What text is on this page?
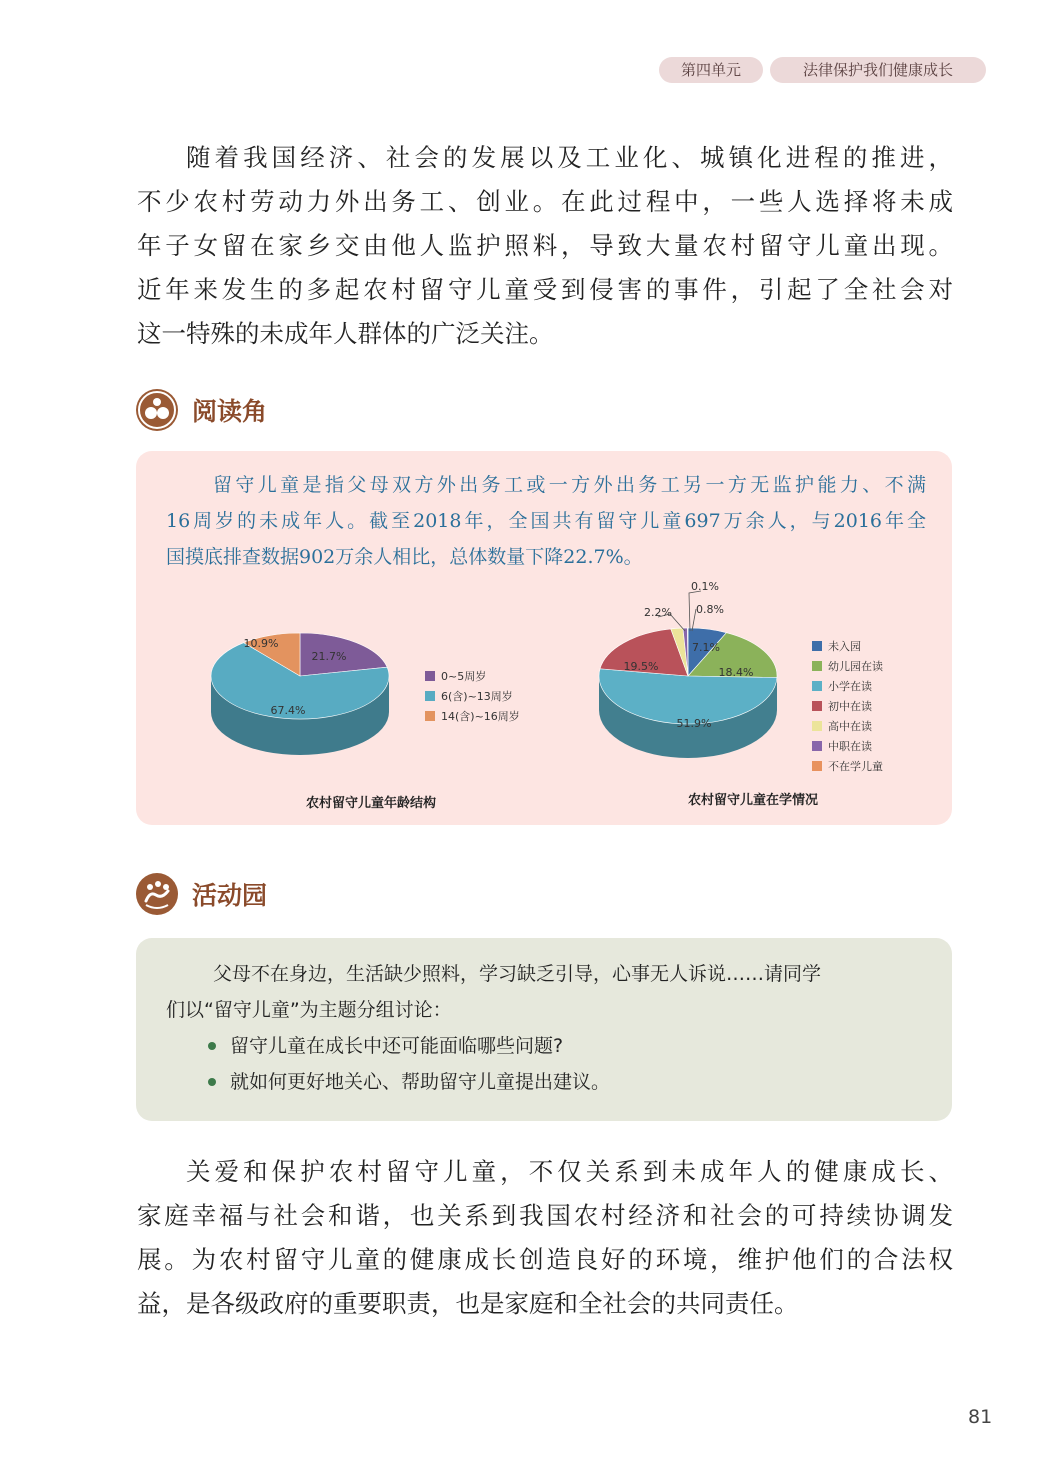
第四单元	法律保护我们健康成长
随着我国经济、社会的发展以及工业化、城镇化进程的推进，
不少农村劳动力外出务工、创业。在此过程中，一些人选择将未成
年子女留在家乡交由他人监护照料，导致大量农村留守儿童出现。
近年来发生的多起农村留守儿童受到侵害的事件，引起了全社会对
这一特殊的未成年人群体的广泛关注。
阅读角
留守儿童是指父母双方外出务工或一方外出务工另一方无监护能力、不满
16周岁的未成年人。截至2018年，全国共有留守儿童697万余人，与2016年全
国摸底排查数据902万余人相比，总体数量下降22.7%。
21.7%
67.4%
10.9%
0~5周岁
6(含)~13周岁
14(含)~16周岁
农村留守儿童年龄结构
7.1%
18.4%
51.9%
19.5%
2.2% 0.8%
0.1%
未入园
幼儿园在读
小学在读
初中在读
高中在读
中职在读
不在学儿童
农村留守儿童在学情况
活动园
父母不在身边，生活缺少照料，学习缺乏引导，心事无人诉说……请同学
们以“留守儿童”为主题分组讨论：
留守儿童在成长中还可能面临哪些问题?
就如何更好地关心、帮助留守儿童提出建议。
关爱和保护农村留守儿童，不仅关系到未成年人的健康成长、
家庭幸福与社会和谐，也关系到我国农村经济和社会的可持续协调发
展。为农村留守儿童的健康成长创造良好的环境，维护他们的合法权
益，是各级政府的重要职责，也是家庭和全社会的共同责任。
81
